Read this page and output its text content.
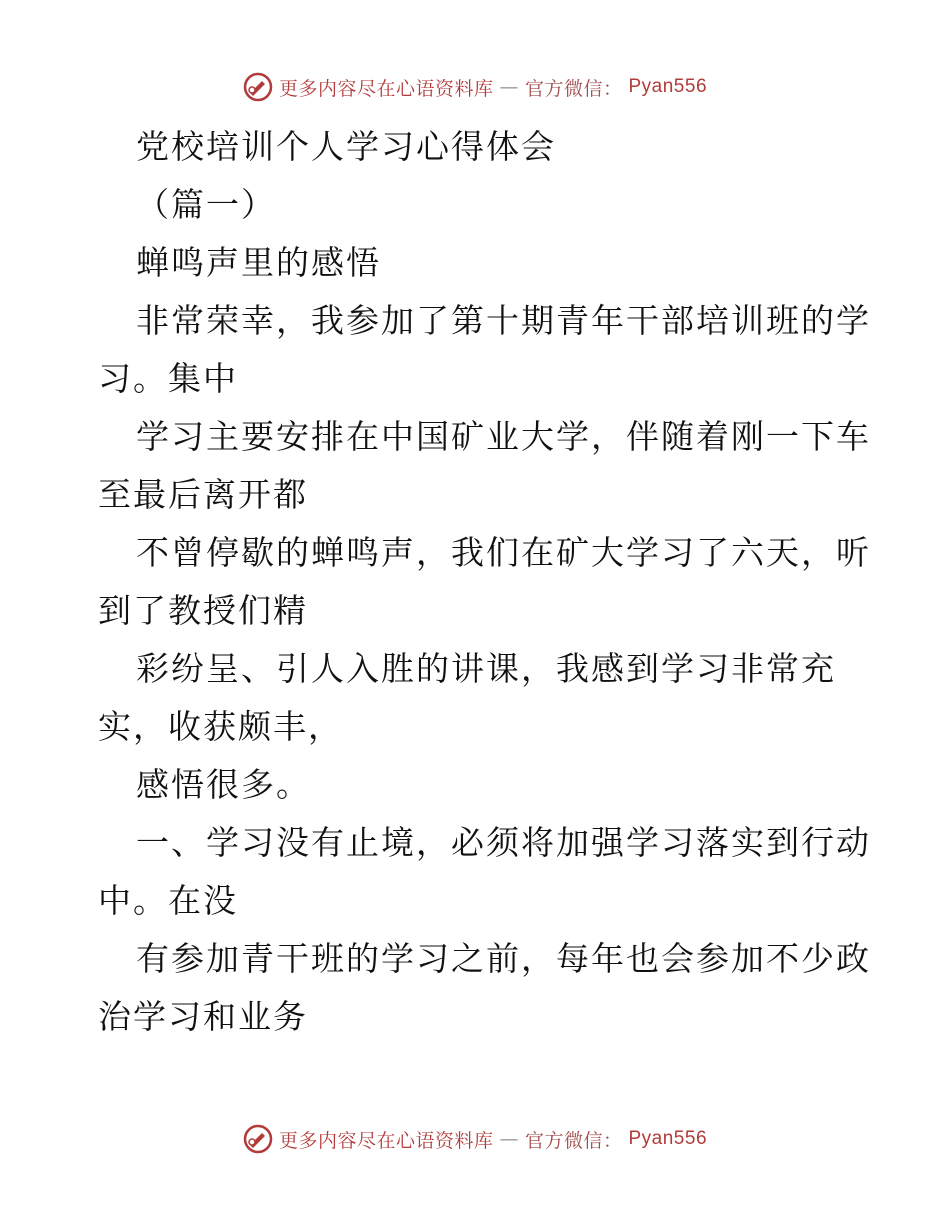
更多内容尽在心语资料库 — 官方微信： Pyan556
党校培训个人学习心得体会
（篇一）
蝉鸣声里的感悟
非常荣幸，我参加了第十期青年干部培训班的学
习。集中
学习主要安排在中国矿业大学，伴随着刚一下车
至最后离开都
不曾停歇的蝉鸣声，我们在矿大学习了六天，听
到了教授们精
彩纷呈、引人入胜的讲课，我感到学习非常充
实，收获颇丰，
感悟很多。
一、学习没有止境，必须将加强学习落实到行动
中。在没
有参加青干班的学习之前，每年也会参加不少政
治学习和业务
更多内容尽在心语资料库 — 官方微信： Pyan556
